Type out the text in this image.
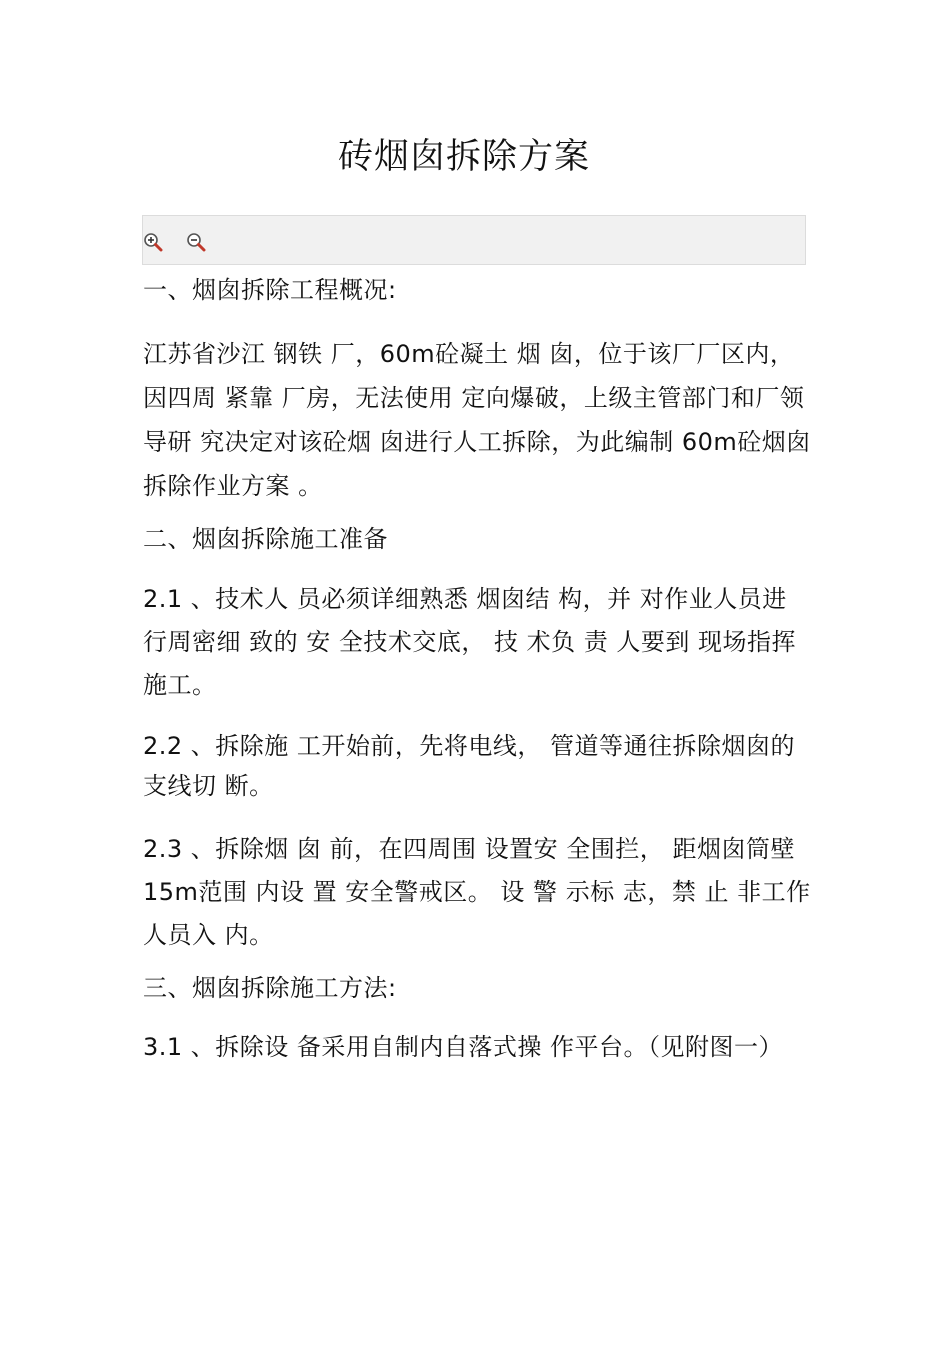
砖烟囱拆除方案
一、烟囱拆除工程概况:
江苏省沙江 钢铁 厂，60m砼凝土 烟 囱，位于该厂厂区内，因四周 紧靠 厂房，无法使用 定向爆破，上级主管部门和厂领 导研 究决定对该砼烟 囱进行人工拆除，为此编制 60m砼烟囱拆除作业方案 。
二、烟囱拆除施工准备
2.1 、技术人 员必须详细熟悉 烟囱结 构，并 对作业人员进行周密细 致的 安 全技术交底， 技 术负 责 人要到 现场指挥施工。
2.2 、拆除施 工开始前，先将电线， 管道等通往拆除烟囱的支线切 断。
2.3 、拆除烟 囱 前，在四周围 设置安 全围拦， 距烟囱筒壁 15m范围 内设 置 安全警戒区。 设 警 示标 志，禁 止 非工作人员入 内。
三、烟囱拆除施工方法:
3.1 、拆除设 备采用自制内自落式操 作平台。（见附图一）
